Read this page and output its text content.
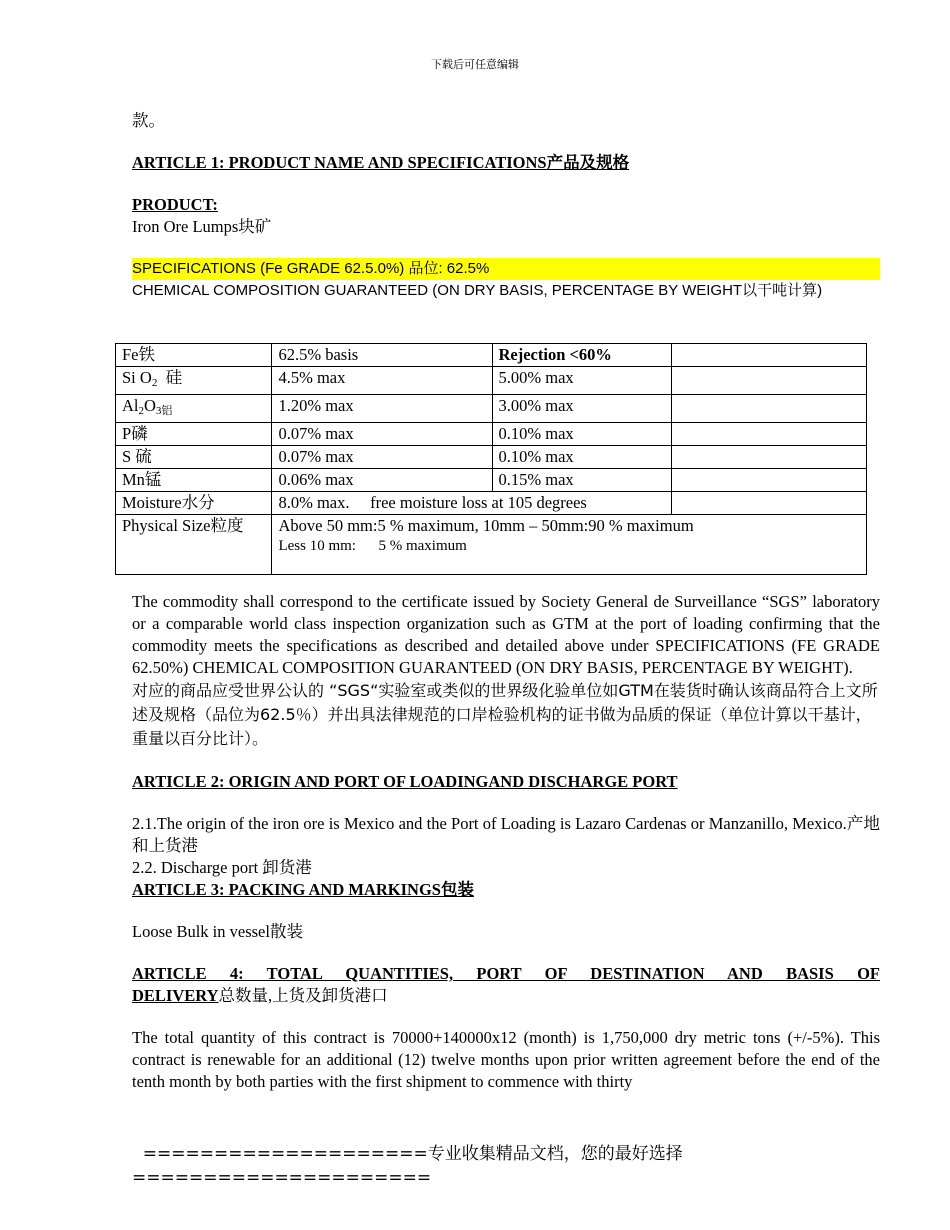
下载后可任意编辑

款。

ARTICLE 1: PRODUCT NAME AND SPECIFICATIONS产品及规格

PRODUCT:

Iron Ore Lumps块矿

SPECIFICATIONS (Fe GRADE 62.5.0%) 品位: 62.5%

CHEMICAL COMPOSITION GUARANTEED (ON DRY BASIS, PERCENTAGE BY WEIGHT以干吨计算)

Fe铁	62.5% basis	Rejection <60%	
Si $O_2$  硅	4.5% max	5.00% max	
$Al_2O_{3铝}$	1.20% max	3.00% max	
P磷	0.07% max	0.10% max	
S 硫	0.07% max	0.10% max	
Mn锰	0.06% max	0.15% max	
Moisture水分	8.0% max.     free moisture loss at 105 degrees		
Physical Size粒度	Above 50 mm:5 % maximum, 10mm – 50mm:90 % maximum
Less 10 mm:      5 % maximum		

The commodity shall correspond to the certificate issued by Society General de Surveillance “SGS” laboratory or a comparable world class inspection organization such as GTM at the port of loading confirming that the commodity meets the specifications as described and detailed above under SPECIFICATIONS (FE GRADE 62.50%) CHEMICAL COMPOSITION GUARANTEED (ON DRY BASIS, PERCENTAGE BY WEIGHT).

对应的商品应受世界公认的 “SGS“实验室或类似的世界级化验单位如GTM在装货时确认该商品符合上文所述及规格（品位为62.5％）并出具法律规范的口岸检验机构的证书做为品质的保证（单位计算以干基计，重量以百分比计）。

ARTICLE 2: ORIGIN AND PORT OF LOADINGAND DISCHARGE PORT

2.1.The origin of the iron ore is Mexico and the Port of Loading is Lazaro Cardenas or Manzanillo, Mexico.产地和上货港

2.2. Discharge port 卸货港

ARTICLE 3: PACKING AND MARKINGS包装

Loose Bulk in vessel散装

ARTICLE 4: TOTAL QUANTITIES, PORT OF DESTINATION AND BASIS OF

DELIVERY总数量,上货及卸货港口

The total quantity of this contract is 70000+140000x12 (month) is 1,750,000 dry metric tons (+/-5%). This contract is renewable for an additional (12) twelve months upon prior written agreement before the end of the tenth month by both parties with the first shipment to commence with thirty

====================专业收集精品文档，您的最好选择
=====================
